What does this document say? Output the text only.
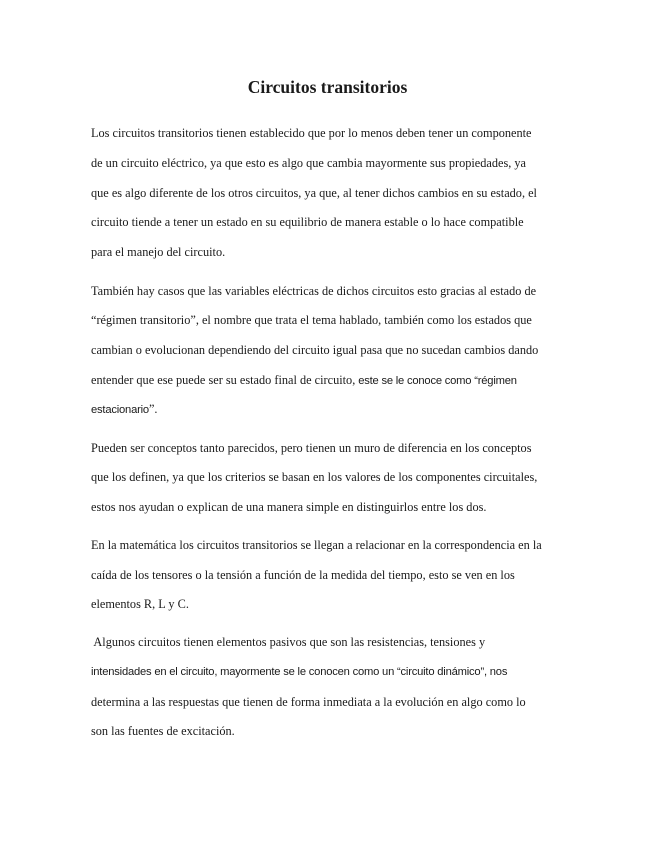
Circuitos transitorios

Los circuitos transitorios tienen establecido que por lo menos deben tener un componente

de un circuito eléctrico, ya que esto es algo que cambia mayormente sus propiedades, ya

que es algo diferente de los otros circuitos, ya que, al tener dichos cambios en su estado, el

circuito tiende a tener un estado en su equilibrio de manera estable o lo hace compatible

para el manejo del circuito.

También hay casos que las variables eléctricas de dichos circuitos esto gracias al estado de

“régimen transitorio”, el nombre que trata el tema hablado, también como los estados que

cambian o evolucionan dependiendo del circuito igual pasa que no sucedan cambios dando

entender que ese puede ser su estado final de circuito, este se le conoce como “régimen

estacionario”.

Pueden ser conceptos tanto parecidos, pero tienen un muro de diferencia en los conceptos

que los definen, ya que los criterios se basan en los valores de los componentes circuitales,

estos nos ayudan o explican de una manera simple en distinguirlos entre los dos.

En la matemática los circuitos transitorios se llegan a relacionar en la correspondencia en la

caída de los tensores o la tensión a función de la medida del tiempo, esto se ven en los

elementos R, L y C.

Algunos circuitos tienen elementos pasivos que son las resistencias, tensiones y

intensidades en el circuito, mayormente se le conocen como un “circuito dinámico”, nos

determina a las respuestas que tienen de forma inmediata a la evolución en algo como lo

son las fuentes de excitación.
